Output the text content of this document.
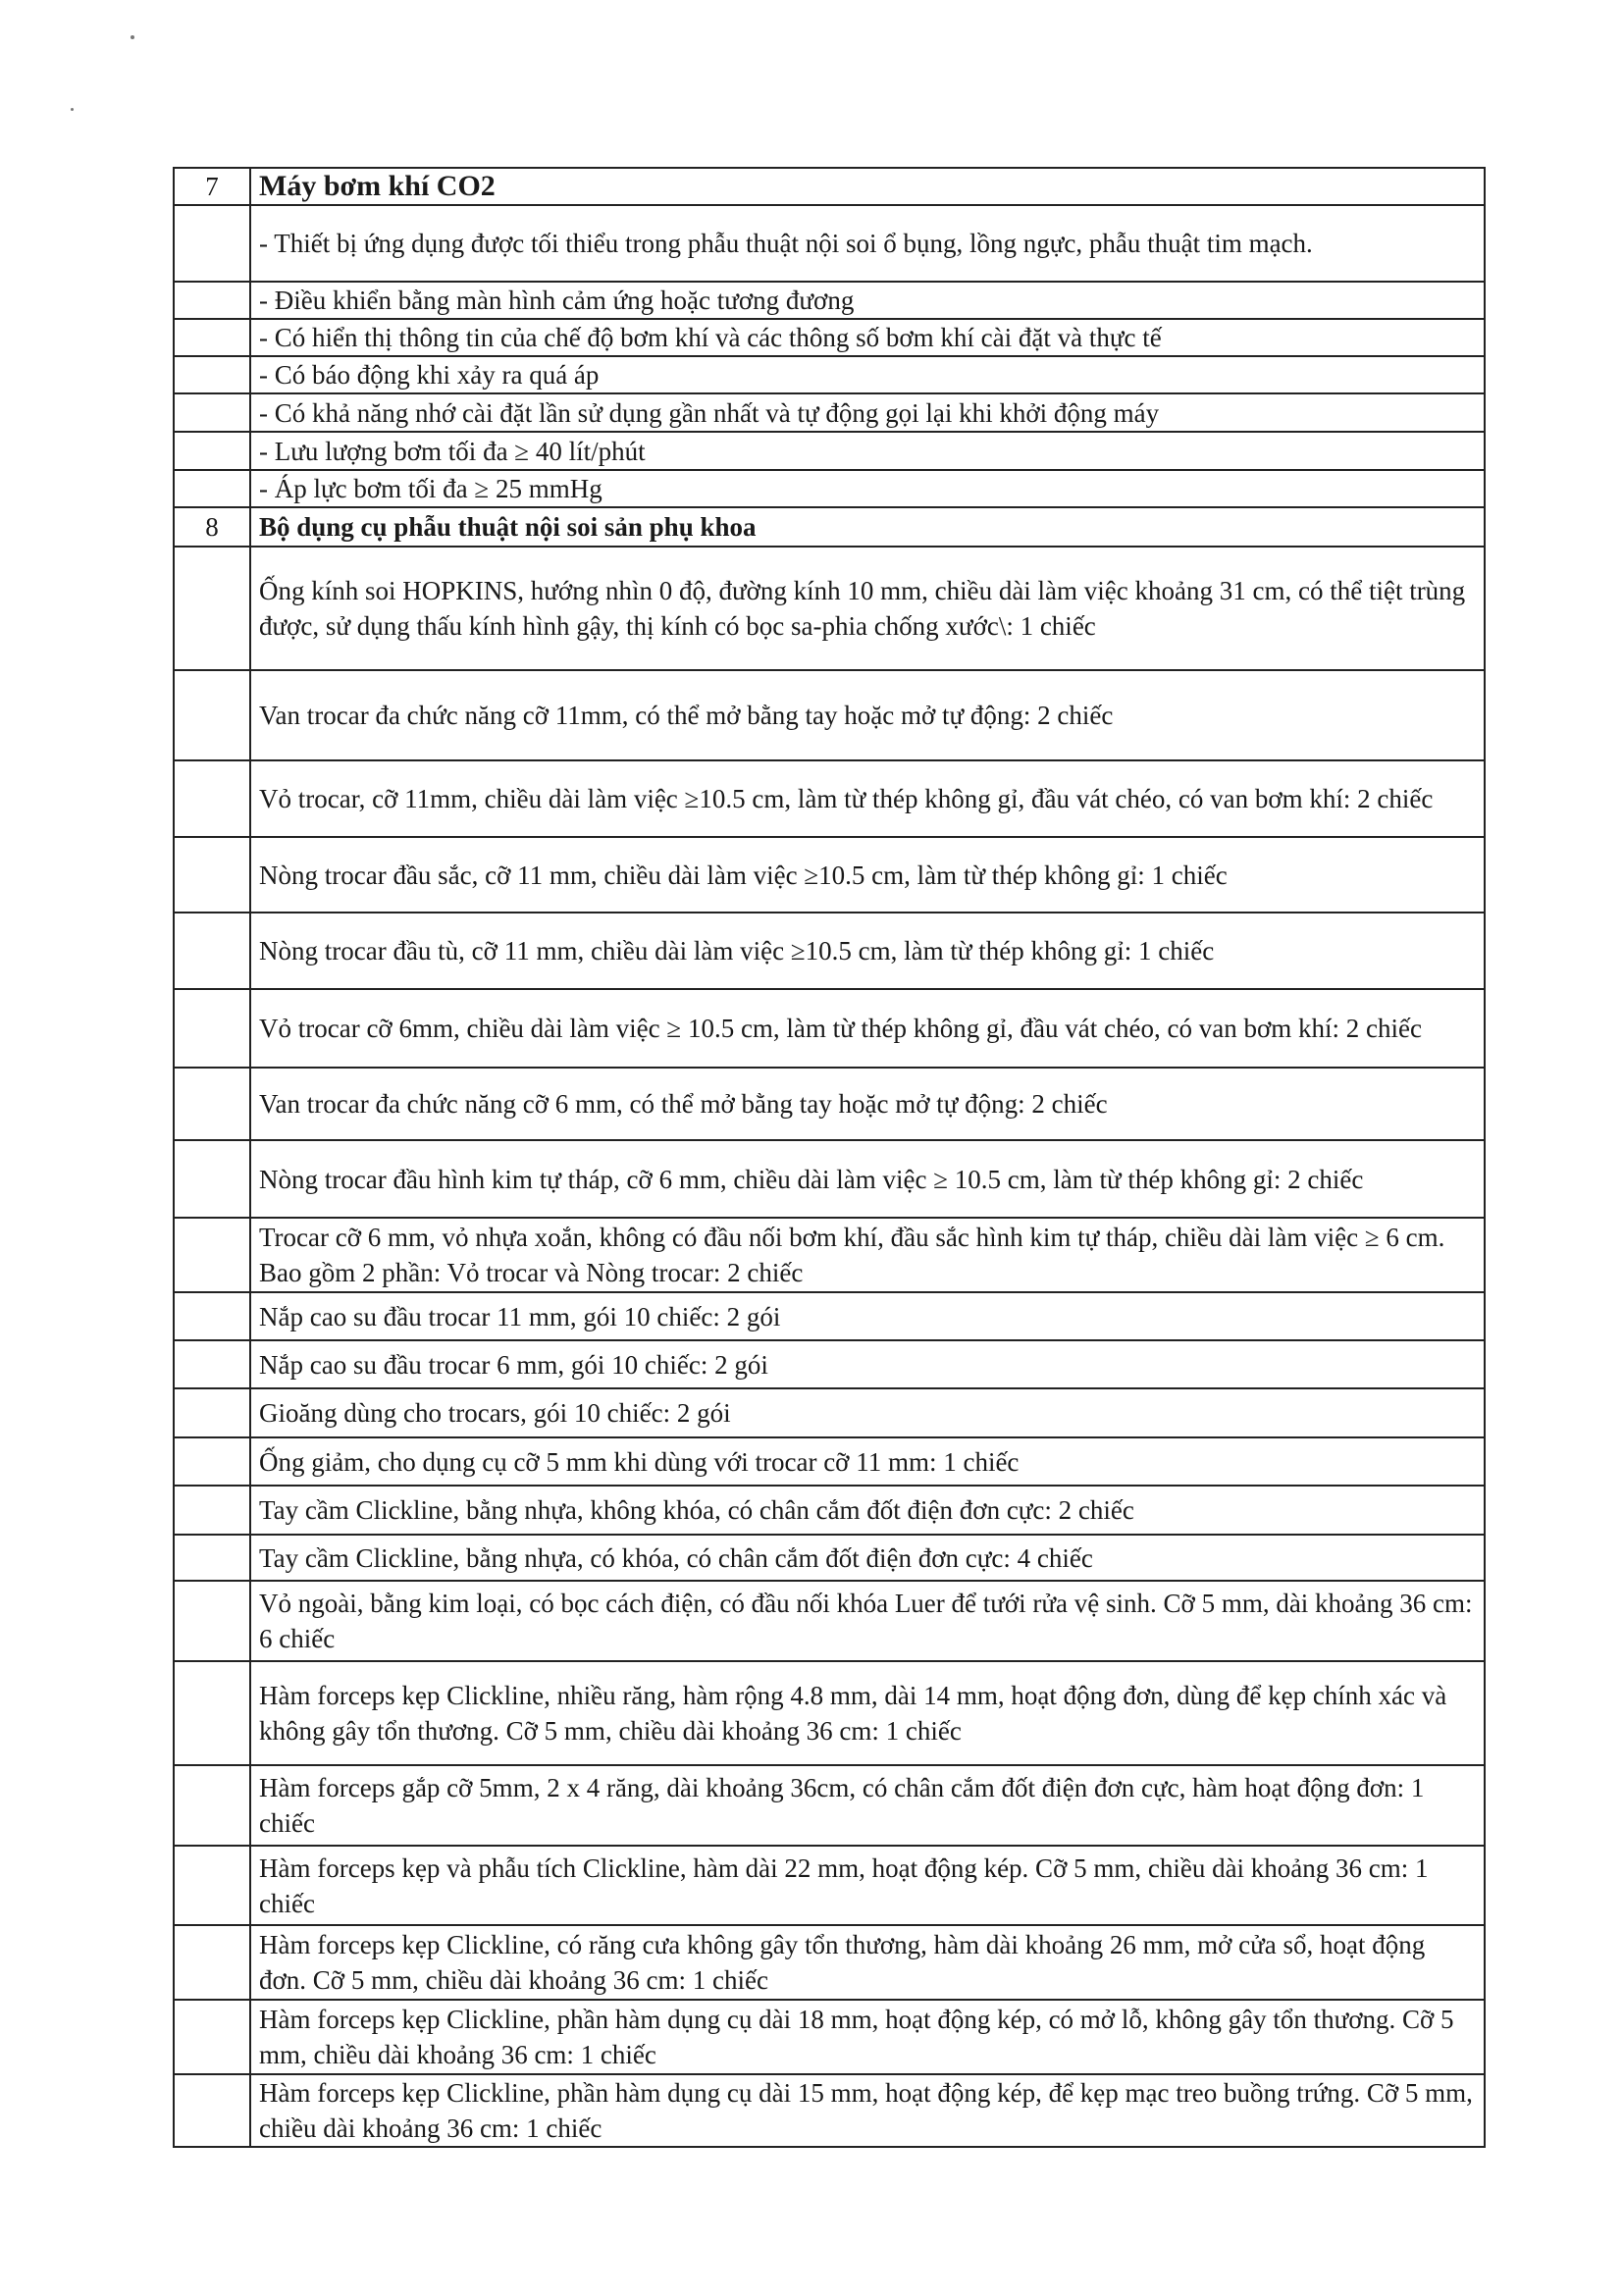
7	Máy bơm khí CO2
	- Thiết bị ứng dụng được tối thiểu trong phẫu thuật nội soi ổ bụng, lồng ngực, phẫu thuật tim mạch.
	- Điều khiển bằng màn hình cảm ứng hoặc tương đương
	- Có hiển thị thông tin của chế độ bơm khí và các thông số bơm khí cài đặt và thực tế
	- Có báo động khi xảy ra quá áp
	- Có khả năng nhớ cài đặt lần sử dụng gần nhất và tự động gọi lại khi khởi động máy
	- Lưu lượng bơm tối đa ≥ 40 lít/phút
	- Áp lực bơm tối đa ≥ 25 mmHg
8	Bộ dụng cụ phẫu thuật nội soi sản phụ khoa
	Ống kính soi HOPKINS, hướng nhìn 0 độ, đường kính 10 mm, chiều dài làm việc khoảng 31 cm, có thể tiệt trùng được, sử dụng thấu kính hình gậy, thị kính có bọc sa-phia chống xước\: 1 chiếc
	Van trocar đa chức năng cỡ 11mm, có thể mở bằng tay hoặc mở tự động: 2 chiếc
	Vỏ trocar, cỡ 11mm, chiều dài làm việc ≥10.5 cm, làm từ thép không gỉ, đầu vát chéo, có van bơm khí: 2 chiếc
	Nòng trocar đầu sắc, cỡ 11 mm, chiều dài làm việc ≥10.5 cm, làm từ thép không gỉ: 1 chiếc
	Nòng trocar đầu tù, cỡ 11 mm, chiều dài làm việc ≥10.5 cm, làm từ thép không gỉ: 1 chiếc
	Vỏ trocar cỡ 6mm, chiều dài làm việc ≥ 10.5 cm, làm từ thép không gỉ, đầu vát chéo, có van bơm khí: 2 chiếc
	Van trocar đa chức năng cỡ 6 mm, có thể mở bằng tay hoặc mở tự động: 2 chiếc
	Nòng trocar đầu hình kim tự tháp, cỡ 6 mm, chiều dài làm việc ≥ 10.5 cm, làm từ thép không gỉ: 2 chiếc
	Trocar cỡ 6 mm, vỏ nhựa xoắn, không có đầu nối bơm khí, đầu sắc hình kim tự tháp, chiều dài làm việc ≥ 6 cm. Bao gồm 2 phần: Vỏ trocar và Nòng trocar: 2 chiếc
	Nắp cao su đầu trocar 11 mm, gói 10 chiếc: 2 gói
	Nắp cao su đầu trocar 6 mm, gói 10 chiếc: 2 gói
	Gioăng dùng cho trocars, gói 10 chiếc: 2 gói
	Ống giảm, cho dụng cụ cỡ 5 mm khi dùng với trocar cỡ 11 mm: 1 chiếc
	Tay cầm Clickline, bằng nhựa, không khóa, có chân cắm đốt điện đơn cực: 2 chiếc
	Tay cầm Clickline, bằng nhựa, có khóa, có chân cắm đốt điện đơn cực: 4 chiếc
	Vỏ ngoài, bằng kim loại, có bọc cách điện, có đầu nối khóa Luer để tưới rửa vệ sinh. Cỡ 5 mm, dài khoảng 36 cm: 6 chiếc
	Hàm forceps kẹp Clickline, nhiều răng, hàm rộng 4.8 mm, dài 14 mm, hoạt động đơn, dùng để kẹp chính xác và không gây tổn thương. Cỡ 5 mm, chiều dài khoảng 36 cm: 1 chiếc
	Hàm forceps gắp cỡ 5mm, 2 x 4 răng, dài khoảng 36cm, có chân cắm đốt điện đơn cực, hàm hoạt động đơn: 1 chiếc
	Hàm forceps kẹp và phẫu tích Clickline, hàm dài 22 mm, hoạt động kép. Cỡ 5 mm, chiều dài khoảng 36 cm: 1 chiếc
	Hàm forceps kẹp Clickline, có răng cưa không gây tổn thương, hàm dài khoảng 26 mm, mở cửa sổ, hoạt động đơn. Cỡ 5 mm, chiều dài khoảng 36 cm: 1 chiếc
	Hàm forceps kẹp Clickline, phần hàm dụng cụ dài 18 mm, hoạt động kép, có mở lỗ, không gây tổn thương. Cỡ 5 mm, chiều dài khoảng 36 cm: 1 chiếc
	Hàm forceps kẹp Clickline, phần hàm dụng cụ dài 15 mm, hoạt động kép, để kẹp mạc treo buồng trứng. Cỡ 5 mm, chiều dài khoảng 36 cm: 1 chiếc
